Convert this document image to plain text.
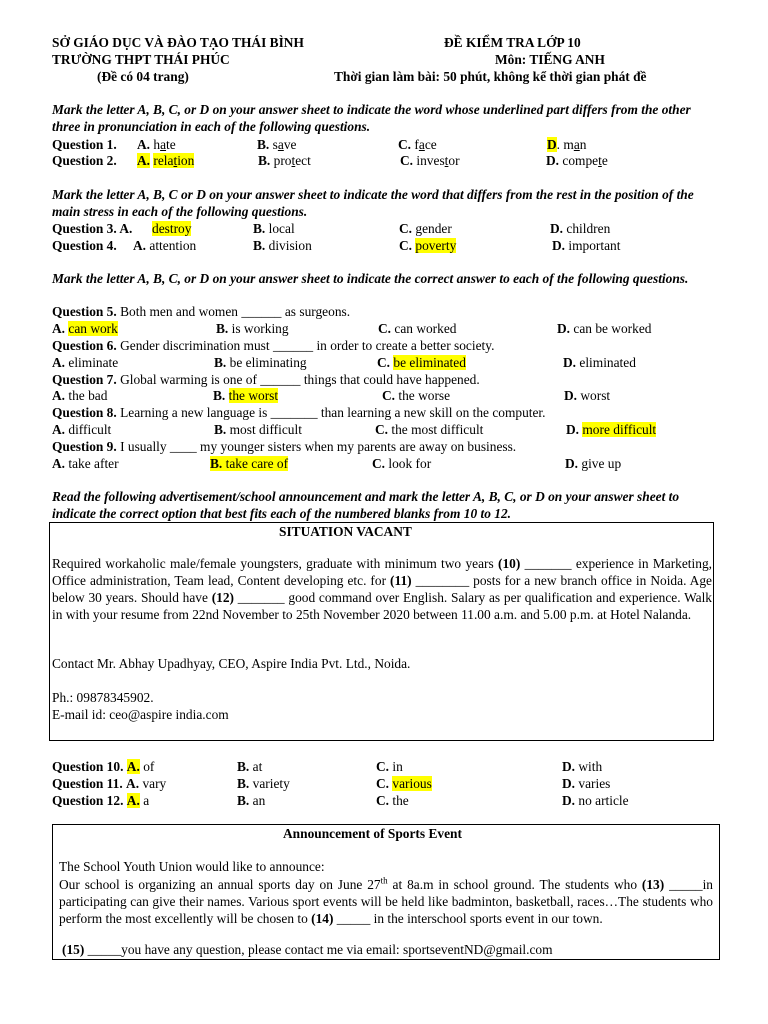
SỞ GIÁO DỤC VÀ ĐÀO TẠO THÁI BÌNH	ĐỀ KIỂM TRA LỚP 10
TRƯỜNG THPT THÁI PHÚC	Môn: TIẾNG ANH
(Đề có 04 trang)	Thời gian làm bài: 50 phút, không kể thời gian phát đề
Mark the letter A, B, C, or D on your answer sheet to indicate the word whose underlined part differs from the other three in pronunciation in each of the following questions.
Question 1. A. hate	B. save	C. face	D. man
Question 2. A. relation	B. protect	C. investor	D. compete
Mark the letter A, B, C or D on your answer sheet to indicate the word that differs from the rest in the position of the main stress in each of the following questions.
Question 3. A. destroy	B. local	C. gender	D. children
Question 4. A. attention	B. division	C. poverty	D. important
Mark the letter A, B, C, or D on your answer sheet to indicate the correct answer to each of the following questions.
Question 5. Both men and women ______ as surgeons.
A. can work	B. is working	C. can worked	D. can be worked
Question 6. Gender discrimination must ______ in order to create a better society.
A. eliminate	B. be eliminating	C. be eliminated	D. eliminated
Question 7. Global warming is one of ______ things that could have happened.
A. the bad	B. the worst	C. the worse	D. worst
Question 8. Learning a new language is _______ than learning a new skill on the computer.
A. difficult	B. most difficult	C. the most difficult	D. more difficult
Question 9. I usually ____ my younger sisters when my parents are away on business.
A. take after	B. take care of	C. look for	D. give up
Read the following advertisement/school announcement and mark the letter A, B, C, or D on your answer sheet to indicate the correct option that best fits each of the numbered blanks from 10 to 12.
SITUATION VACANT
Required workaholic male/female youngsters, graduate with minimum two years (10) _______ experience in Marketing, Office administration, Team lead, Content developing etc. for (11) ________ posts for a new branch office in Noida. Age below 30 years. Should have (12) _______ good command over English. Salary as per qualification and experience. Walk in with your resume from 22nd November to 25th November 2020 between 11.00 a.m. and 5.00 p.m. at Hotel Nalanda.
Contact Mr. Abhay Upadhyay, CEO, Aspire India Pvt. Ltd., Noida.
Ph.: 09878345902.
E-mail id: ceo@aspire india.com
Question 10. A. of	B. at	C. in	D. with
Question 11. A. vary	B. variety	C. various	D. varies
Question 12. A. a	B. an	C. the	D. no article
Announcement of Sports Event
The School Youth Union would like to announce:
Our school is organizing an annual sports day on June 27th at 8a.m in school ground. The students who (13) _____in participating can give their names. Various sport events will be held like badminton, basketball, races…The students who perform the most excellently will be chosen to (14) _____ in the interschool sports event in our town.
(15) _____you have any question, please contact me via email: sportseventND@gmail.com
